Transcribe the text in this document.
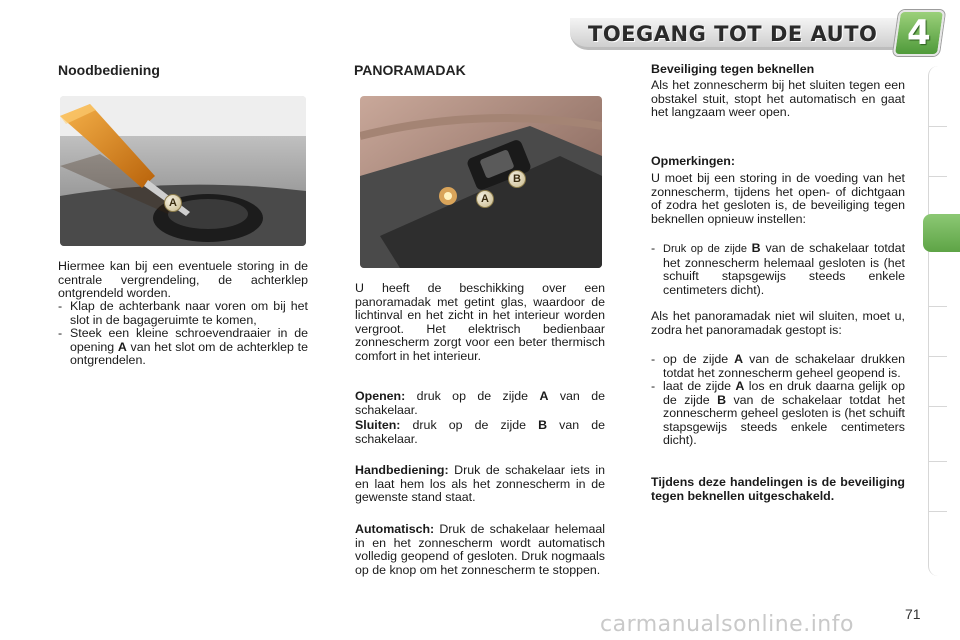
TOEGANG TOT DE AUTO 4
Noodbediening
A
Hiermee kan bij een eventuele storing in de centrale vergrendeling, de achterklep ontgrendeld worden.
- Klap de achterbank naar voren om bij het slot in de bagageruimte te komen,
- Steek een kleine schroevendraaier in de opening A van het slot om de achterklep te ontgrendelen.
PANORAMADAK
B
A
U heeft de beschikking over een panoramadak met getint glas, waardoor de lichtinval en het zicht in het interieur worden vergroot. Het elektrisch bedienbaar zonnescherm zorgt voor een beter thermisch comfort in het interieur.
Openen: druk op de zijde A van de schakelaar.
Sluiten: druk op de zijde B van de schakelaar.
Handbediening: Druk de schakelaar iets in en laat hem los als het zonnescherm in de gewenste stand staat.
Automatisch: Druk de schakelaar helemaal in en het zonnescherm wordt automatisch volledig geopend of gesloten. Druk nogmaals op de knop om het zonnescherm te stoppen.
Beveiliging tegen beknellen
Als het zonnescherm bij het sluiten tegen een obstakel stuit, stopt het automatisch en gaat het langzaam weer open.
Opmerkingen:
U moet bij een storing in de voeding van het zonnescherm, tijdens het open- of dichtgaan of zodra het gesloten is, de beveiliging tegen beknellen opnieuw instellen:
- Druk op de zijde B van de schakelaar totdat het zonnescherm helemaal gesloten is (het schuift stapsgewijs steeds enkele centimeters dicht).
Als het panoramadak niet wil sluiten, moet u, zodra het panoramadak gestopt is:
- op de zijde A van de schakelaar drukken totdat het zonnescherm geheel geopend is.
- laat de zijde A los en druk daarna gelijk op de zijde B van de schakelaar totdat het zonnescherm geheel gesloten is (het schuift stapsgewijs steeds enkele centimeters dicht).
Tijdens deze handelingen is de beveiliging tegen beknellen uitgeschakeld.
carmanualsonline.info	71
